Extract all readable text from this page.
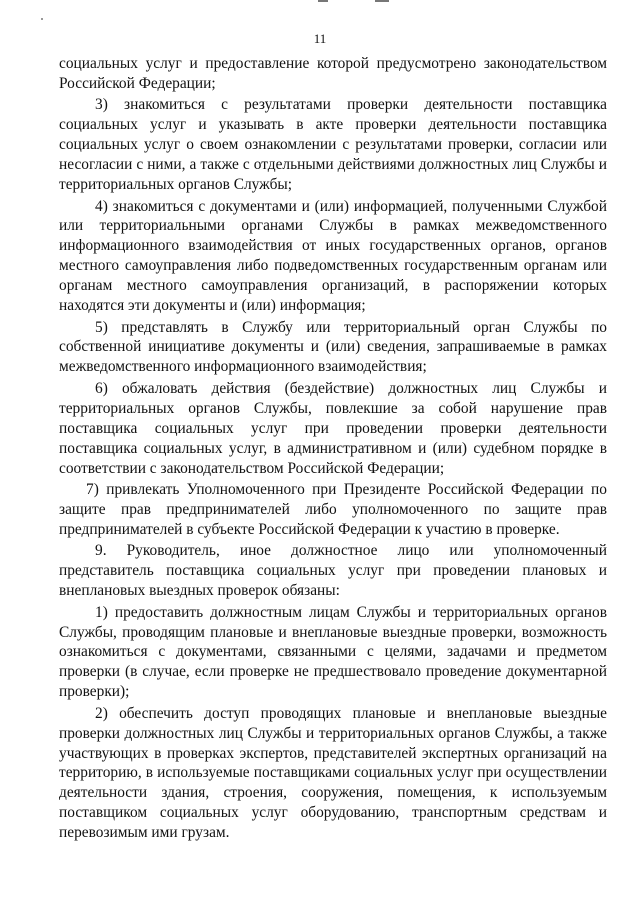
11

социальных услуг и предоставление которой предусмотрено законодательством Российской Федерации;

3) знакомиться с результатами проверки деятельности поставщика социальных услуг и указывать в акте проверки деятельности поставщика социальных услуг о своем ознакомлении с результатами проверки, согласии или несогласии с ними, а также с отдельными действиями должностных лиц Службы и территориальных органов Службы;

4) знакомиться с документами и (или) информацией, полученными Службой или территориальными органами Службы в рамках межведомственного информационного взаимодействия от иных государственных органов, органов местного самоуправления либо подведомственных государственным органам или органам местного самоуправления организаций, в распоряжении которых находятся эти документы и (или) информация;

5) представлять в Службу или территориальный орган Службы по собственной инициативе документы и (или) сведения, запрашиваемые в рамках межведомственного информационного взаимодействия;

6) обжаловать действия (бездействие) должностных лиц Службы и территориальных органов Службы, повлекшие за собой нарушение прав поставщика социальных услуг при проведении проверки деятельности поставщика социальных услуг, в административном и (или) судебном порядке в соответствии с законодательством Российской Федерации;

7) привлекать Уполномоченного при Президенте Российской Федерации по защите прав предпринимателей либо уполномоченного по защите прав предпринимателей в субъекте Российской Федерации к участию в проверке.

9. Руководитель, иное должностное лицо или уполномоченный представитель поставщика социальных услуг при проведении плановых и внеплановых выездных проверок обязаны:

1) предоставить должностным лицам Службы и территориальных органов Службы, проводящим плановые и внеплановые выездные проверки, возможность ознакомиться с документами, связанными с целями, задачами и предметом проверки (в случае, если проверке не предшествовало проведение документарной проверки);

2) обеспечить доступ проводящих плановые и внеплановые выездные проверки должностных лиц Службы и территориальных органов Службы, а также участвующих в проверках экспертов, представителей экспертных организаций на территорию, в используемые поставщиками социальных услуг при осуществлении деятельности здания, строения, сооружения, помещения, к используемым поставщиком социальных услуг оборудованию, транспортным средствам и перевозимым ими грузам.
